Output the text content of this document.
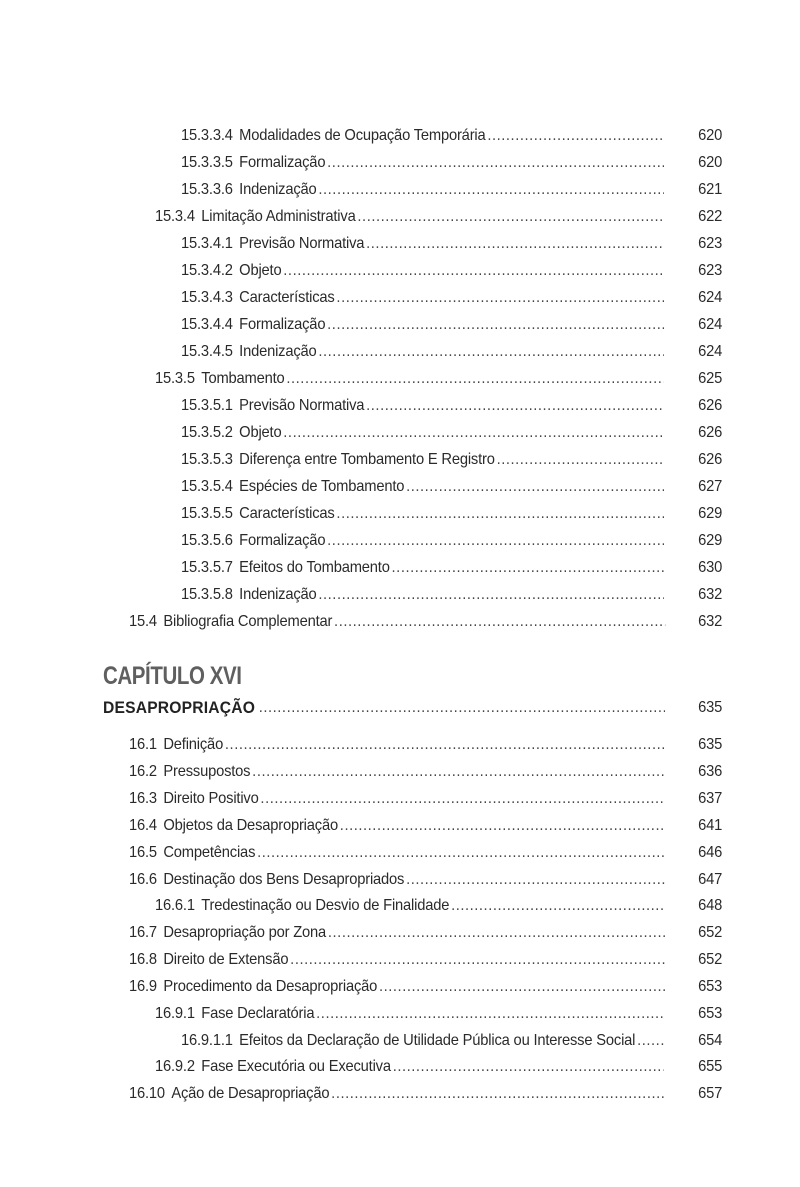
15.3.3.4 Modalidades de Ocupação Temporária .....	620
15.3.3.5 Formalização .....	620
15.3.3.6 Indenização .....	621
15.3.4 Limitação Administrativa .....	622
15.3.4.1 Previsão Normativa .....	623
15.3.4.2 Objeto .....	623
15.3.4.3 Características .....	624
15.3.4.4 Formalização .....	624
15.3.4.5 Indenização .....	624
15.3.5 Tombamento .....	625
15.3.5.1 Previsão Normativa .....	626
15.3.5.2 Objeto .....	626
15.3.5.3 Diferença entre Tombamento E Registro .....	626
15.3.5.4 Espécies de Tombamento .....	627
15.3.5.5 Características .....	629
15.3.5.6 Formalização .....	629
15.3.5.7 Efeitos do Tombamento .....	630
15.3.5.8 Indenização .....	632
15.4 Bibliografia Complementar .....	632
CAPÍTULO XVI
DESAPROPRIAÇÃO .....	635
16.1 Definição .....	635
16.2 Pressupostos .....	636
16.3 Direito Positivo .....	637
16.4 Objetos da Desapropriação .....	641
16.5 Competências .....	646
16.6 Destinação dos Bens Desapropriados .....	647
16.6.1 Tredestinação ou Desvio de Finalidade .....	648
16.7 Desapropriação por Zona .....	652
16.8 Direito de Extensão .....	652
16.9 Procedimento da Desapropriação .....	653
16.9.1 Fase Declaratória .....	653
16.9.1.1 Efeitos da Declaração de Utilidade Pública ou Interesse Social .....	654
16.9.2 Fase Executória ou Executiva .....	655
16.10 Ação de Desapropriação .....	657
